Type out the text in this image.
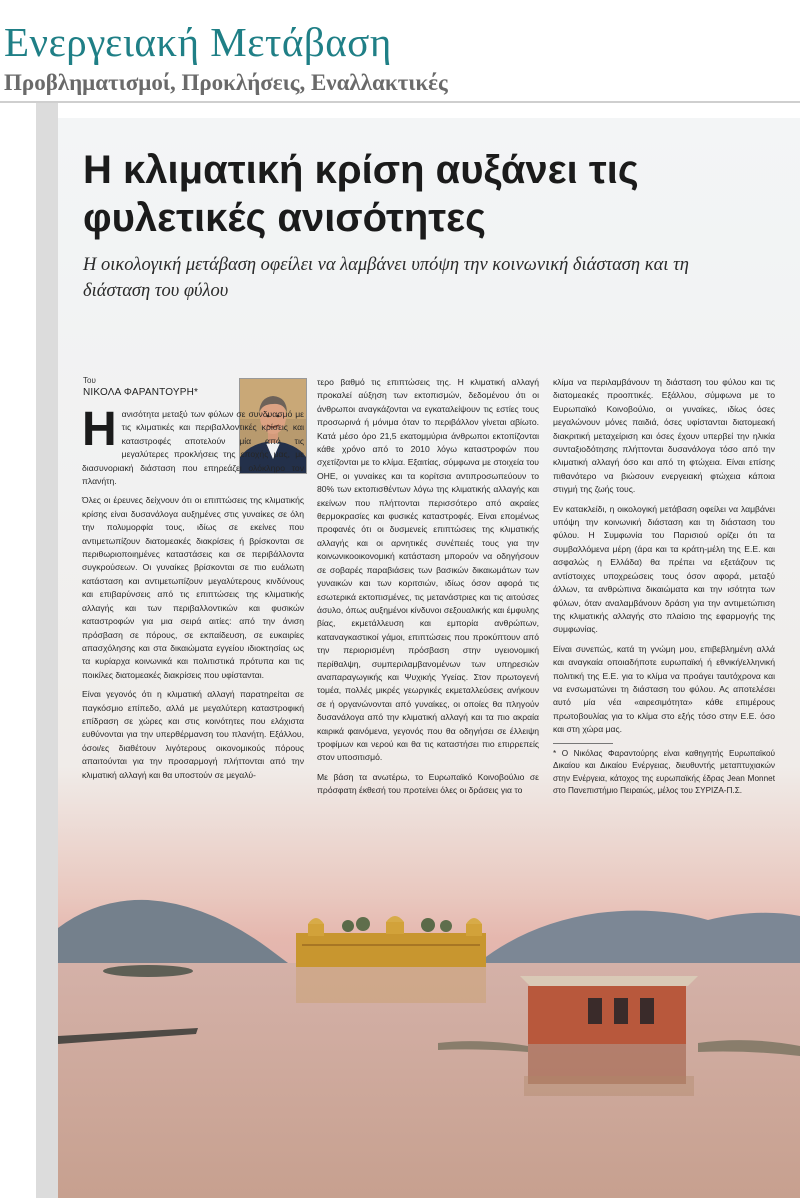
Ενεργειακή Μετάβαση
Προβληματισμοί, Προκλήσεις, Εναλλακτικές
Η κλιματική κρίση αυξάνει τις φυλετικές ανισότητες

Η οικολογική μετάβαση οφείλει να λαμβάνει υπόψη την κοινωνική διάσταση και τη διάσταση του φύλου

Του
ΝΙΚΟΛΑ ΦΑΡΑΝΤΟΥΡΗ*

Ηανισότητα μεταξύ των φύλων σε συνδυασμό με τις κλιματικές και περιβαλλοντικές κρίσεις και καταστροφές αποτελούν μία από τις μεγαλύτερες προκλήσεις της εποχής μας, με διασυνοριακή διάσταση που επηρεάζει ολόκληρο τον πλανήτη.

Όλες οι έρευνες δείχνουν ότι οι επιπτώσεις της κλιματικής κρίσης είναι δυσανάλογα αυξημένες στις γυναίκες σε όλη την πολυμορφία τους, ιδίως σε εκείνες που αντιμετωπίζουν διατομεακές διακρίσεις ή βρίσκονται σε περιθωριοποιημένες καταστάσεις και σε περιβάλλοντα συγκρούσεων. Οι γυναίκες βρίσκονται σε πιο ευάλωτη κατάσταση και αντιμετωπίζουν μεγαλύτερους κινδύνους και επιβαρύνσεις από τις επιπτώσεις της κλιματικής αλλαγής και των περιβαλλοντικών και φυσικών καταστροφών για μια σειρά αιτίες: από την άνιση πρόσβαση σε πόρους, σε εκπαίδευση, σε ευκαιρίες απασχόλησης και στα δικαιώματα εγγείου ιδιοκτησίας ως τα κυρίαρχα κοινωνικά και πολιτιστικά πρότυπα και τις ποικίλες διατομεακές διακρίσεις που υφίστανται.

Είναι γεγονός ότι η κλιματική αλλαγή παρατηρείται σε παγκόσμιο επίπεδο, αλλά με μεγαλύτερη καταστροφική επίδραση σε χώρες και στις κοινότητες που ελάχιστα ευθύνονται για την υπερθέρμανση του πλανήτη. Εξάλλου, όσοι/ες διαθέτουν λιγότερους οικονομικούς πόρους απαιτούνται για την προσαρμογή πλήττονται από την κλιματική αλλαγή και θα υποστούν σε μεγαλύ-

τερο βαθμό τις επιπτώσεις της. Η κλιματική αλλαγή προκαλεί αύξηση των εκτοπισμών, δεδομένου ότι οι άνθρωποι αναγκάζονται να εγκαταλείψουν τις εστίες τους προσωρινά ή μόνιμα όταν το περιβάλλον γίνεται αβίωτο. Κατά μέσο όρο 21,5 εκατομμύρια άνθρωποι εκτοπίζονται κάθε χρόνο από το 2010 λόγω καταστροφών που σχετίζονται με το κλίμα. Εξαιτίας, σύμφωνα με στοιχεία του ΟΗΕ, οι γυναίκες και τα κορίτσια αντιπροσωπεύουν το 80% των εκτοπισθέντων λόγω της κλιματικής αλλαγής και εκείνων που πλήττονται περισσότερο από ακραίες θερμοκρασίες και φυσικές καταστροφές. Είναι επομένως προφανές ότι οι δυσμενείς επιπτώσεις της κλιματικής αλλαγής και οι αρνητικές συνέπειές τους για την κοινωνικοοικονομική κατάσταση μπορούν να οδηγήσουν σε σοβαρές παραβιάσεις των βασικών δικαιωμάτων των γυναικών και των κοριτσιών, ιδίως όσον αφορά τις εσωτερικά εκτοπισμένες, τις μετανάστριες και τις αιτούσες άσυλο, όπως αυξημένοι κίνδυνοι σεξουαλικής και έμφυλης βίας, εκμετάλλευση και εμπορία ανθρώπων, καταναγκαστικοί γάμοι, επιπτώσεις που προκύπτουν από την περιορισμένη πρόσβαση στην υγειονομική περίθαλψη, συμπεριλαμβανομένων των υπηρεσιών αναπαραγωγικής και Ψυχικής Υγείας. Στον πρωτογενή τομέα, πολλές μικρές γεωργικές εκμεταλλεύσεις ανήκουν σε ή οργανώνονται από γυναίκες, οι οποίες θα πληγούν δυσανάλογα από την κλιματική αλλαγή και τα πιο ακραία καιρικά φαινόμενα, γεγονός που θα οδηγήσει σε έλλειψη τροφίμων και νερού και θα τις καταστήσει πιο επιρρεπείς στον υποσιτισμό.

Με βάση τα ανωτέρω, το Ευρωπαϊκό Κοινοβούλιο σε πρόσφατη έκθεσή του προτείνει όλες οι δράσεις για το

κλίμα να περιλαμβάνουν τη διάσταση του φύλου και τις διατομεακές προοπτικές. Εξάλλου, σύμφωνα με το Ευρωπαϊκό Κοινοβούλιο, οι γυναίκες, ιδίως όσες μεγαλώνουν μόνες παιδιά, όσες υφίστανται διατομεακή διακριτική μεταχείριση και όσες έχουν υπερβεί την ηλικία συνταξιοδότησης πλήττονται δυσανάλογα τόσο από την κλιματική αλλαγή όσο και από τη φτώχεια. Είναι επίσης πιθανότερο να βιώσουν ενεργειακή φτώχεια κάποια στιγμή της ζωής τους.

Εν κατακλείδι, η οικολογική μετάβαση οφείλει να λαμβάνει υπόψη την κοινωνική διάσταση και τη διάσταση του φύλου. Η Συμφωνία του Παρισιού ορίζει ότι τα συμβαλλόμενα μέρη (άρα και τα κράτη-μέλη της Ε.Ε. και ασφαλώς η Ελλάδα) θα πρέπει να εξετάζουν τις αντίστοιχες υποχρεώσεις τους όσον αφορά, μεταξύ άλλων, τα ανθρώπινα δικαιώματα και την ισότητα των φύλων, όταν αναλαμβάνουν δράση για την αντιμετώπιση της κλιματικής αλλαγής στο πλαίσιο της εφαρμογής της συμφωνίας.

Είναι συνεπώς, κατά τη γνώμη μου, επιβεβλημένη αλλά και αναγκαία οποιαδήποτε ευρωπαϊκή ή εθνική/ελληνική πολιτική της Ε.Ε. για το κλίμα να προάγει ταυτόχρονα και να ενσωματώνει τη διάσταση του φύλου. Ας αποτελέσει αυτό μία νέα «αιρεσιμότητα» κάθε επιμέρους πρωτοβουλίας για το κλίμα στο εξής τόσο στην Ε.Ε. όσο και στη χώρα μας.

* Ο Νικόλας Φαραντούρης είναι καθηγητής Ευρωπαϊκού Δικαίου και Δικαίου Ενέργειας, διευθυντής μεταπτυχιακών στην Ενέργεια, κάτοχος της ευρωπαϊκής έδρας Jean Monnet στο Πανεπιστήμιο Πειραιώς, μέλος του ΣΥΡΙΖΑ-Π.Σ.
